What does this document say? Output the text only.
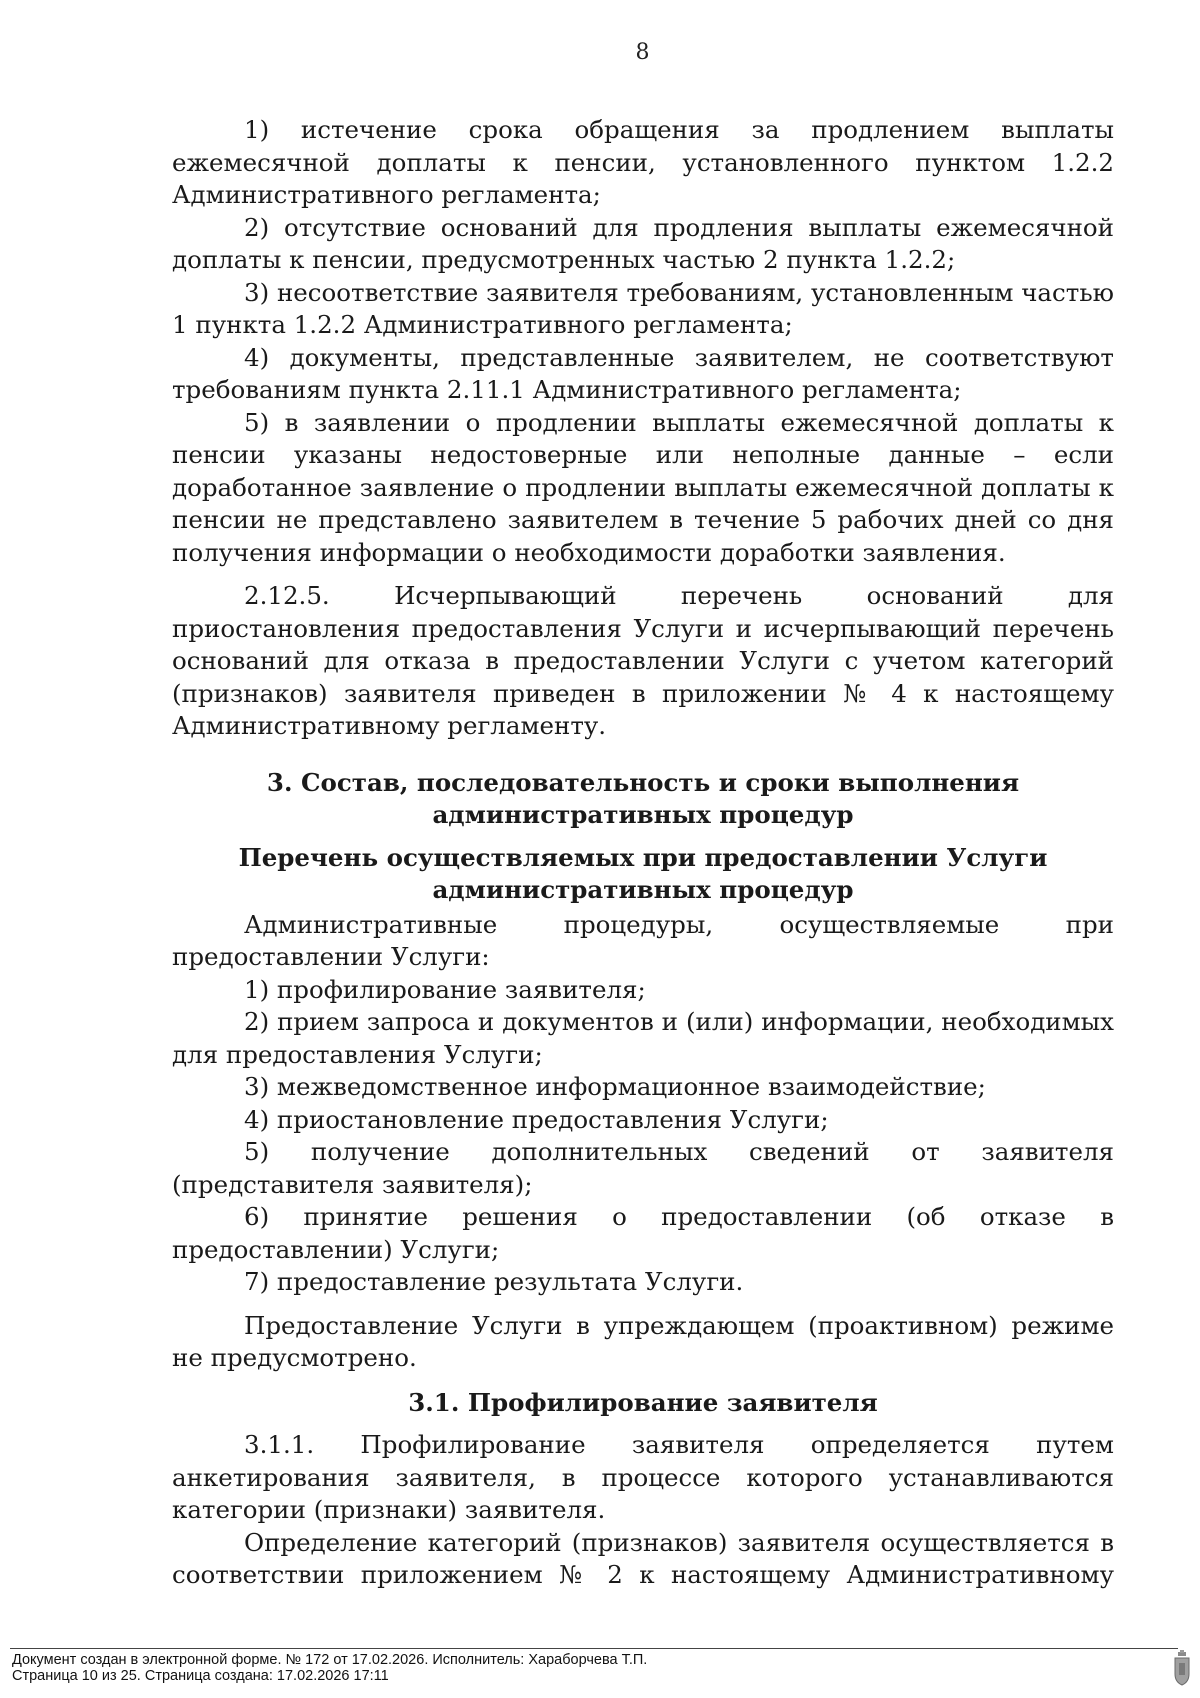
8

1) истечение срока обращения за продлением выплаты ежемесячной доплаты к пенсии, установленного пунктом 1.2.2 Административного регламента;

2) отсутствие оснований для продления выплаты ежемесячной доплаты к пенсии, предусмотренных частью 2 пункта 1.2.2;

3) несоответствие заявителя требованиям, установленным частью 1 пункта 1.2.2 Административного регламента;

4) документы, представленные заявителем, не соответствуют требованиям пункта 2.11.1 Административного регламента;

5) в заявлении о продлении выплаты ежемесячной доплаты к пенсии указаны недостоверные или неполные данные – если доработанное заявление о продлении выплаты ежемесячной доплаты к пенсии не представлено заявителем в течение 5 рабочих дней со дня получения информации о необходимости доработки заявления.

2.12.5. Исчерпывающий перечень оснований для приостановления предоставления Услуги и исчерпывающий перечень оснований для отказа в предоставлении Услуги с учетом категорий (признаков) заявителя приведен в приложении № 4 к настоящему Административному регламенту.

3. Состав, последовательность и сроки выполнения административных процедур
Перечень осуществляемых при предоставлении Услуги административных процедур

Административные процедуры, осуществляемые при предоставлении Услуги:

1) профилирование заявителя;

2) прием запроса и документов и (или) информации, необходимых для предоставления Услуги;

3) межведомственное информационное взаимодействие;

4) приостановление предоставления Услуги;

5) получение дополнительных сведений от заявителя (представителя заявителя);

6) принятие решения о предоставлении (об отказе в предоставлении) Услуги;

7) предоставление результата Услуги.

Предоставление Услуги в упреждающем (проактивном) режиме не предусмотрено.

3.1. Профилирование заявителя

3.1.1. Профилирование заявителя определяется путем анкетирования заявителя, в процессе которого устанавливаются категории (признаки) заявителя.

Определение категорий (признаков) заявителя осуществляется в соответствии приложением № 2 к настоящему Административному

Документ создан в электронной форме. № 172 от 17.02.2026. Исполнитель: Хараборчева Т.П.
Страница 10 из 25. Страница создана: 17.02.2026 17:11
